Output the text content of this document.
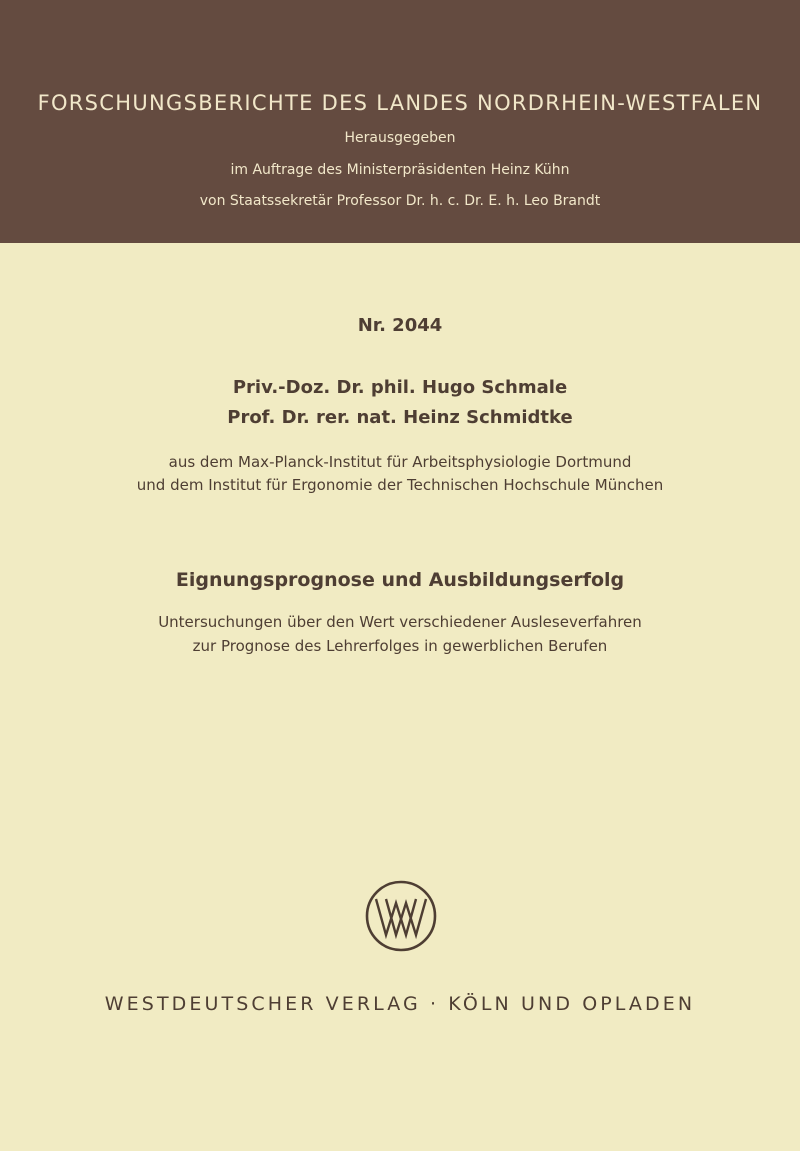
FORSCHUNGSBERICHTE DES LANDES NORDRHEIN-WESTFALEN
Herausgegeben
im Auftrage des Ministerpräsidenten Heinz Kühn
von Staatssekretär Professor Dr. h. c. Dr. E. h. Leo Brandt
Nr. 2044
Priv.-Doz. Dr. phil. Hugo Schmale
Prof. Dr. rer. nat. Heinz Schmidtke
aus dem Max-Planck-Institut für Arbeitsphysiologie Dortmund
und dem Institut für Ergonomie der Technischen Hochschule München
Eignungsprognose und Ausbildungserfolg
Untersuchungen über den Wert verschiedener Ausleseverfahren
zur Prognose des Lehrerfolges in gewerblichen Berufen
WESTDEUTSCHER VERLAG · KÖLN UND OPLADEN
